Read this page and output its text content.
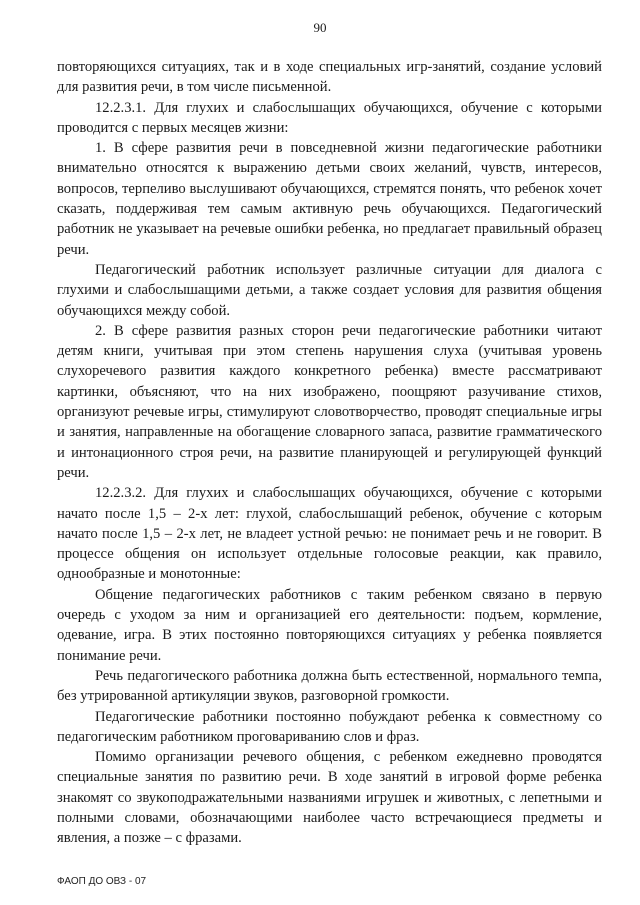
90

повторяющихся ситуациях, так и в ходе специальных игр-занятий, создание условий для развития речи, в том числе письменной.

12.2.3.1. Для глухих и слабослышащих обучающихся, обучение с которыми проводится с первых месяцев жизни:

1. В сфере развития речи в повседневной жизни педагогические работники внимательно относятся к выражению детьми своих желаний, чувств, интересов, вопросов, терпеливо выслушивают обучающихся, стремятся понять, что ребенок хочет сказать, поддерживая тем самым активную речь обучающихся. Педагогический работник не указывает на речевые ошибки ребенка, но предлагает правильный образец речи.

Педагогический работник использует различные ситуации для диалога с глухими и слабослышащими детьми, а также создает условия для развития общения обучающихся между собой.

2. В сфере развития разных сторон речи педагогические работники читают детям книги, учитывая при этом степень нарушения слуха (учитывая уровень слухоречевого развития каждого конкретного ребенка) вместе рассматривают картинки, объясняют, что на них изображено, поощряют разучивание стихов, организуют речевые игры, стимулируют словотворчество, проводят специальные игры и занятия, направленные на обогащение словарного запаса, развитие грамматического и интонационного строя речи, на развитие планирующей и регулирующей функций речи.

12.2.3.2. Для глухих и слабослышащих обучающихся, обучение с которыми начато после 1,5 – 2-х лет: глухой, слабослышащий ребенок, обучение с которым начато после 1,5 – 2-х лет, не владеет устной речью: не понимает речь и не говорит. В процессе общения он использует отдельные голосовые реакции, как правило, однообразные и монотонные:

Общение педагогических работников с таким ребенком связано в первую очередь с уходом за ним и организацией его деятельности: подъем, кормление, одевание, игра. В этих постоянно повторяющихся ситуациях у ребенка появляется понимание речи.

Речь педагогического работника должна быть естественной, нормального темпа, без утрированной артикуляции звуков, разговорной громкости.

Педагогические работники постоянно побуждают ребенка к совместному со педагогическим работником проговариванию слов и фраз.

Помимо организации речевого общения, с ребенком ежедневно проводятся специальные занятия по развитию речи. В ходе занятий в игровой форме ребенка знакомят со звукоподражательными названиями игрушек и животных, с лепетными и полными словами, обозначающими наиболее часто встречающиеся предметы и явления, а позже – с фразами.

ФАОП ДО ОВЗ - 07
